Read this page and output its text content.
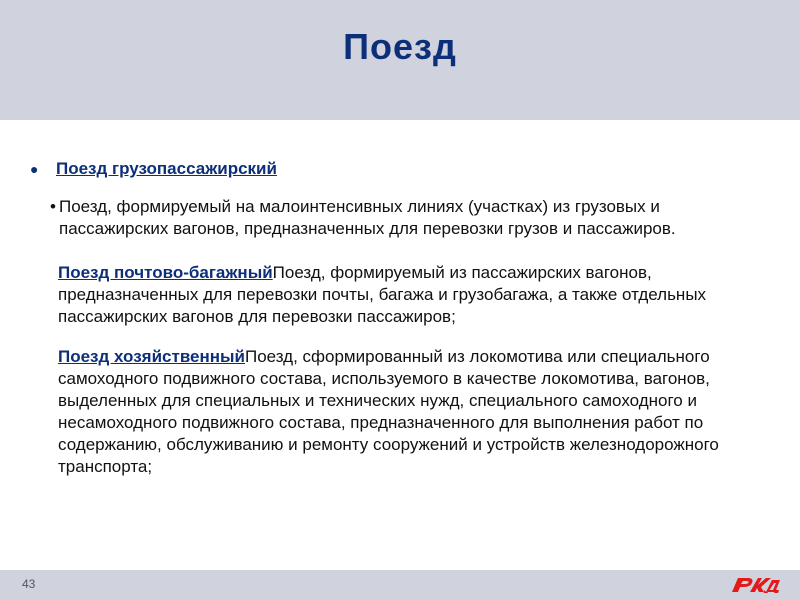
Поезд
● Поезд грузопассажирский
• Поезд, формируемый на малоинтенсивных линиях (участках) из грузовых и пассажирских вагонов, предназначенных для перевозки грузов и пассажиров.
Поезд почтово-багажныйПоезд, формируемый из пассажирских вагонов, предназначенных для перевозки почты, багажа и грузобагажа, а также отдельных пассажирских вагонов для перевозки пассажиров;
Поезд хозяйственныйПоезд, сформированный из локомотива или специального самоходного подвижного состава, используемого в качестве локомотива, вагонов, выделенных для специальных и технических нужд, специального самоходного и несамоходного подвижного состава, предназначенного для выполнения работ по содержанию, обслуживанию и ремонту сооружений и устройств железнодорожного транспорта;
43
